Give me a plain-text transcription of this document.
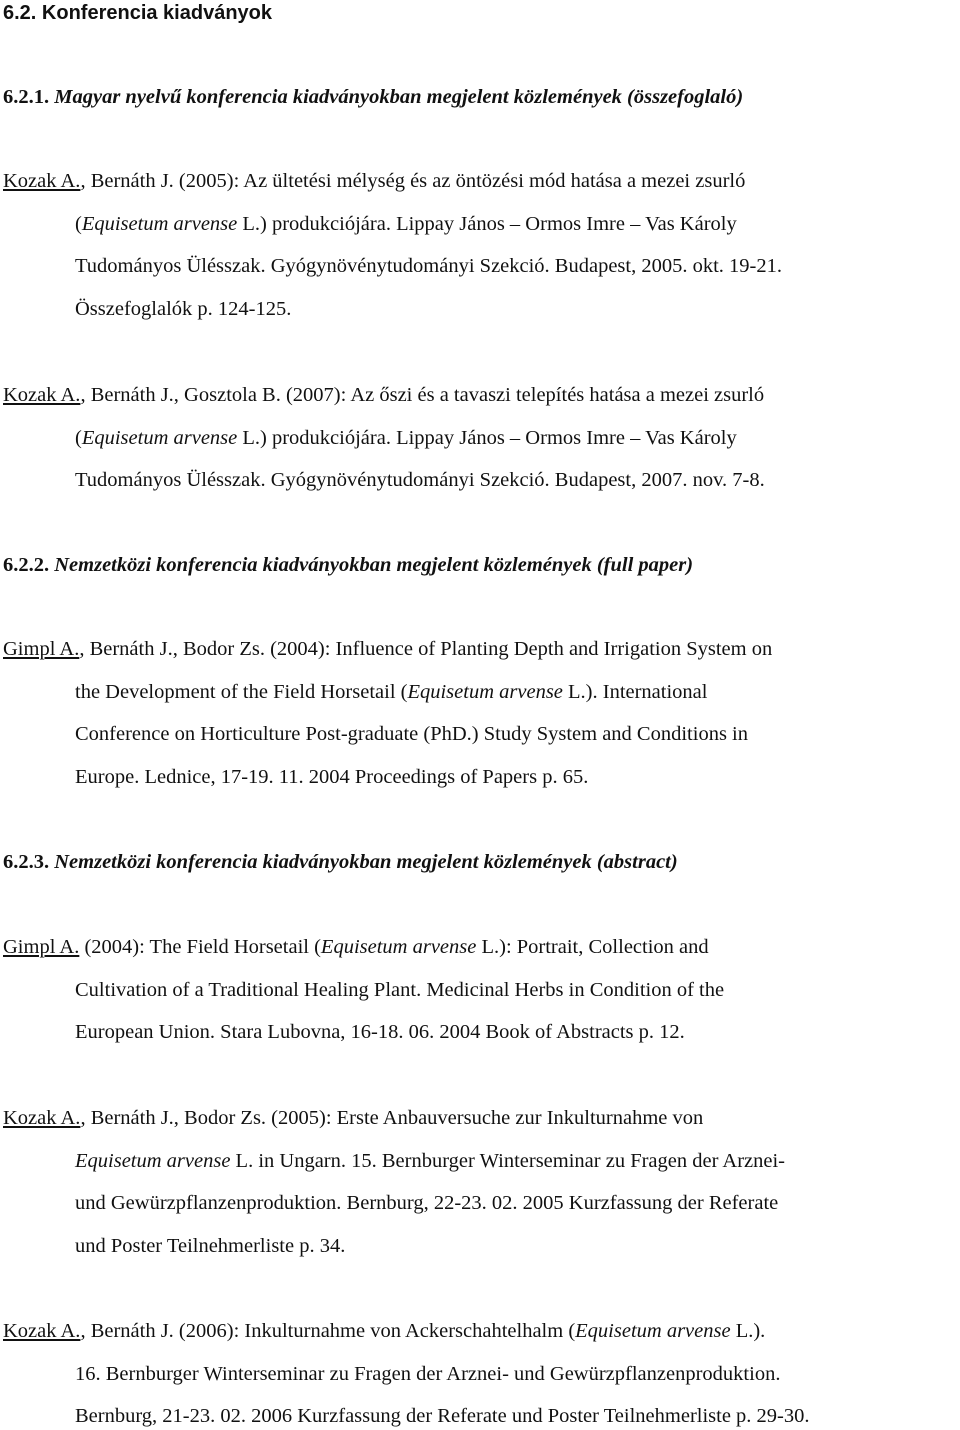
6.2. Konferencia kiadványok
6.2.1. Magyar nyelvű konferencia kiadványokban megjelent közlemények (összefoglaló)
Kozak A., Bernáth J. (2005): Az ültetési mélység és az öntözési mód hatása a mezei zsurló
(Equisetum arvense L.) produkciójára. Lippay János – Ormos Imre – Vas Károly
Tudományos Ülésszak. Gyógynövénytudományi Szekció. Budapest, 2005. okt. 19-21.
Összefoglalók p. 124-125.
Kozak A., Bernáth J., Gosztola B. (2007): Az őszi és a tavaszi telepítés hatása a mezei zsurló
(Equisetum arvense L.) produkciójára. Lippay János – Ormos Imre – Vas Károly
Tudományos Ülésszak. Gyógynövénytudományi Szekció. Budapest, 2007. nov. 7-8.
6.2.2. Nemzetközi konferencia kiadványokban megjelent közlemények (full paper)
Gimpl A., Bernáth J., Bodor Zs. (2004): Influence of Planting Depth and Irrigation System on
the Development of the Field Horsetail (Equisetum arvense L.). International
Conference on Horticulture Post-graduate (PhD.) Study System and Conditions in
Europe. Lednice, 17-19. 11. 2004 Proceedings of Papers p. 65.
6.2.3. Nemzetközi konferencia kiadványokban megjelent közlemények (abstract)
Gimpl A. (2004): The Field Horsetail (Equisetum arvense L.): Portrait, Collection and
Cultivation of a Traditional Healing Plant. Medicinal Herbs in Condition of the
European Union. Stara Lubovna, 16-18. 06. 2004 Book of Abstracts p. 12.
Kozak A., Bernáth J., Bodor Zs. (2005): Erste Anbauversuche zur Inkulturnahme von
Equisetum arvense L. in Ungarn. 15. Bernburger Winterseminar zu Fragen der Arznei-
und Gewürzpflanzenproduktion. Bernburg, 22-23. 02. 2005 Kurzfassung der Referate
und Poster Teilnehmerliste p. 34.
Kozak A., Bernáth J. (2006): Inkulturnahme von Ackerschahtelhalm (Equisetum arvense L.).
16. Bernburger Winterseminar zu Fragen der Arznei- und Gewürzpflanzenproduktion.
Bernburg, 21-23. 02. 2006 Kurzfassung der Referate und Poster Teilnehmerliste p. 29-30.
